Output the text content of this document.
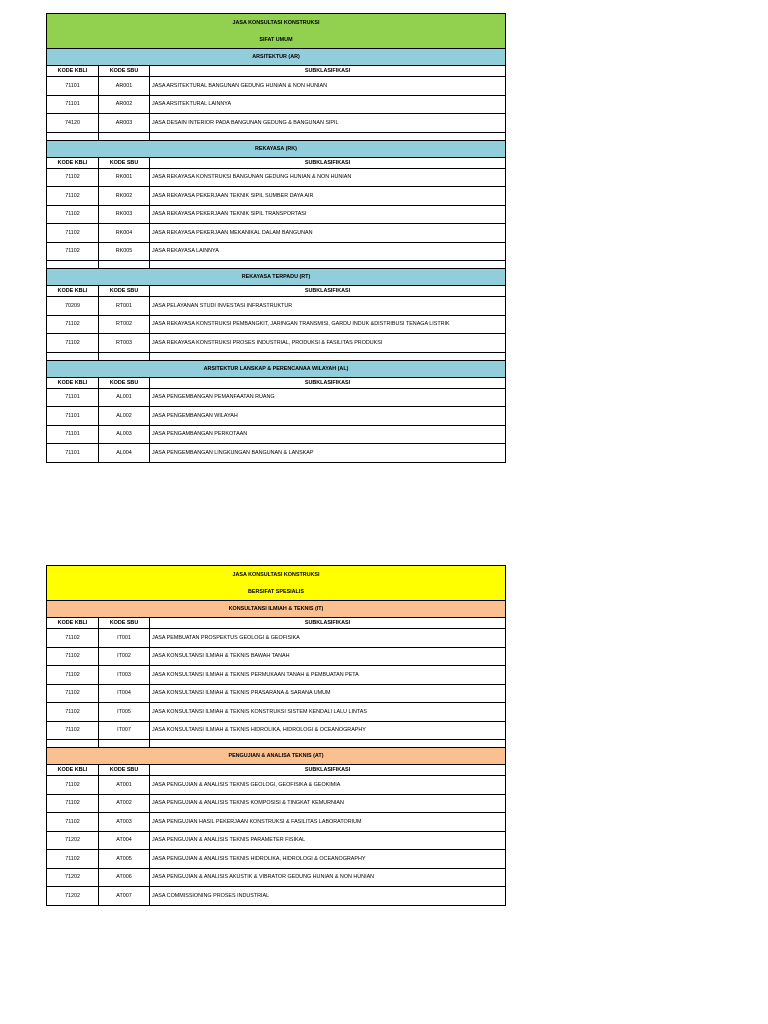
JASA KONSULTASI KONSTRUKSI		
SIFAT UMUM		
ARSITEKTUR (AR)		
KODE KBLI	KODE SBU	SUBKLASIFIKASI
71101	AR001	JASA ARSITEKTURAL BANGUNAN GEDUNG HUNIAN & NON HUNIAN
71101	AR002	JASA ARSITEKTURAL LAINNYA
74120	AR003	JASA DESAIN INTERIOR PADA BANGUNAN GEDUNG & BANGUNAN SIPIL

REKAYASA (RK)		
KODE KBLI	KODE SBU	SUBKLASIFIKASI
71102	RK001	JASA REKAYASA KONSTRUKSI BANGUNAN GEDUNG HUNIAN & NON HUNIAN
71102	RK002	JASA REKAYASA PEKERJAAN TEKNIK SIPIL SUMBER DAYA AIR
71102	RK003	JASA REKAYASA PEKERJAAN TEKNIK SIPIL TRANSPORTASI
71102	RK004	JASA REKAYASA PEKERJAAN MEKANIKAL DALAM BANGUNAN
71102	RK005	JASA REKAYASA LAINNYA

REKAYASA TERPADU (RT)		
KODE KBLI	KODE SBU	SUBKLASIFIKASI
70209	RT001	JASA PELAYANAN STUDI INVESTASI INFRASTRUKTUR
71102	RT002	JASA REKAYASA KONSTRUKSI PEMBANGKIT, JARINGAN TRANSMISI, GARDU INDUK &DISTRIBUSI TENAGA LISTRIK
71102	RT003	JASA REKAYASA KONSTRUKSI PROSES INDUSTRIAL, PRODUKSI & FASILITAS PRODUKSI

ARSITEKTUR LANSKAP & PERENCANAA WILAYAH (AL)		
KODE KBLI	KODE SBU	SUBKLASIFIKASI
71101	AL001	JASA PENGEMBANGAN PEMANFAATAN RUANG
71101	AL002	JASA PENGEMBANGAN WILAYAH
71101	AL003	JASA PENGAMBANGAN PERKOTAAN
71101	AL004	JASA PENGEMBANGAN LINGKUNGAN BANGUNAN & LANSKAP
JASA KONSULTASI KONSTRUKSI		
BERSIFAT SPESIALIS		
KONSULTANSI ILMIAH & TEKNIS (IT)		
KODE KBLI	KODE SBU	SUBKLASIFIKASI
71102	IT001	JASA PEMBUATAN PROSPEKTUS GEOLOGI & GEOFISIKA
71102	IT002	JASA KONSULTANSI ILMIAH & TEKNIS BAWAH TANAH
71102	IT003	JASA KONSULTANSI ILMIAH & TEKNIS PERMUKAAN TANAH & PEMBUATAN PETA
71102	IT004	JASA KONSULTANSI ILMIAH & TEKNIS PRASARANA & SARANA UMUM
71102	IT005	JASA KONSULTANSI ILMIAH & TEKNIS KONSTRUKSI SISTEM KENDALI LALU LINTAS
71102	IT007	JASA KONSULTANSI ILMIAH & TEKNIS HIDROLIKA, HIDROLOGI & OCEANOGRAPHY

PENGUJIAN & ANALISA TEKNIS (AT)		
KODE KBLI	KODE SBU	SUBKLASIFIKASI
71102	AT001	JASA PENGUJIAN & ANALISIS TEKNIS GEOLOGI, GEOFISIKA & GEOKIMIA
71102	AT002	JASA PENGUJIAN & ANALISIS TEKNIS KOMPOSISI & TINGKAT KEMURNIAN
71102	AT003	JASA PENGUJIAN HASIL PEKERJAAN KONSTRUKSI & FASILITAS LABORATORIUM
71202	AT004	JASA PENGUJIAN & ANALISIS TEKNIS PARAMETER FISIKAL
71102	AT005	JASA PENGUJIAN & ANALISIS TEKNIS HIDROLIKA, HIDROLOGI & OCEANOGRAPHY
71202	AT006	JASA PENGUJIAN & ANALISIS AKUSTIK & VIBRATOR GEDUNG HUNIAN & NON HUNIAN
71202	AT007	JASA COMMISSIONING PROSES INDUSTRIAL
